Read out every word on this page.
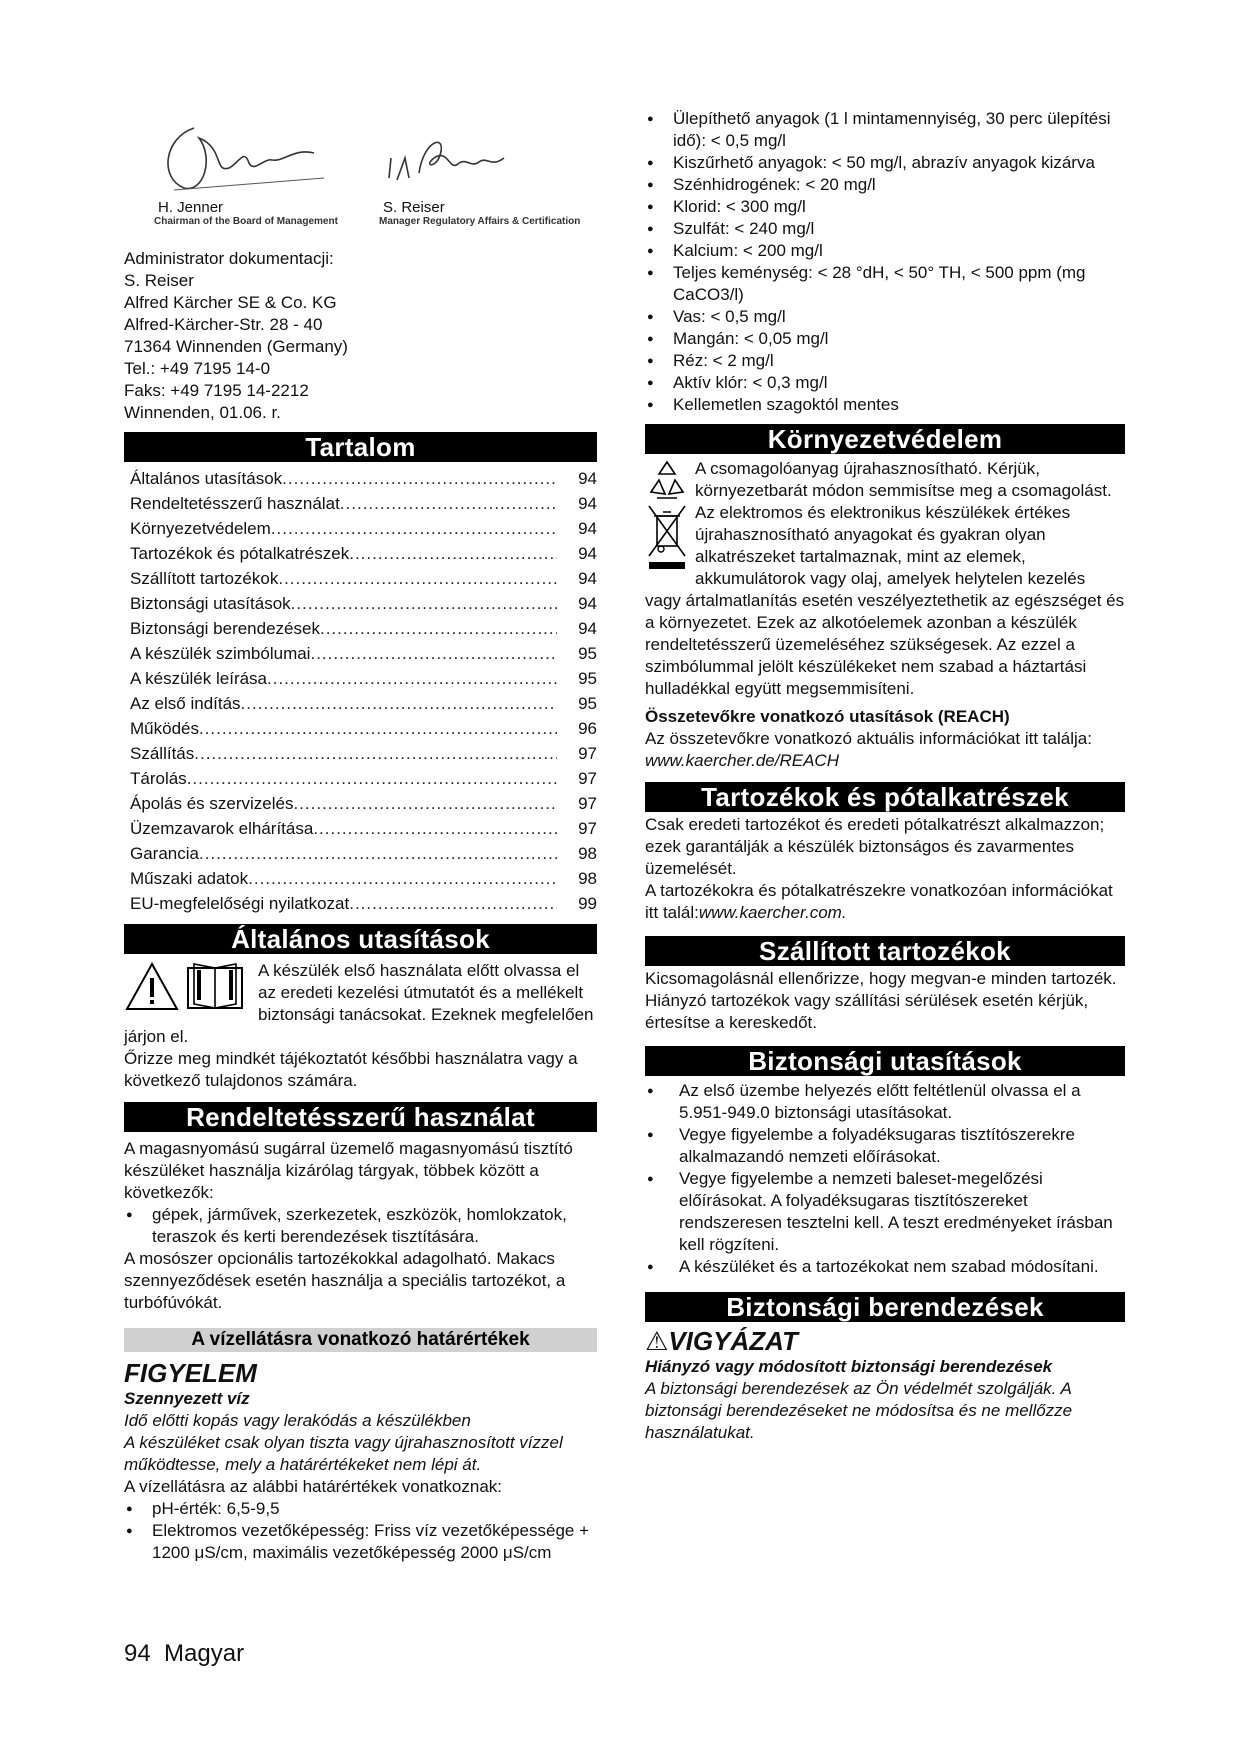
H. Jenner
Chairman of the Board of Management
S. Reiser
Manager Regulatory Affairs & Certification

Administrator dokumentacji:

S. Reiser

Alfred Kärcher SE & Co. KG

Alfred-Kärcher-Str. 28 - 40

71364 Winnenden (Germany)

Tel.: +49 7195 14-0

Faks: +49 7195 14-2212

Winnenden, 01.06. r.

Tartalom
Általános utasítások .....	94
Rendeltetésszerű használat .....	94
Környezetvédelem .....	94
Tartozékok és pótalkatrészek .....	94
Szállított tartozékok .....	94
Biztonsági utasítások .....	94
Biztonsági berendezések .....	94
A készülék szimbólumai .....	95
A készülék leírása .....	95
Az első indítás .....	95
Működés .....	96
Szállítás .....	97
Tárolás .....	97
Ápolás és szervizelés .....	97
Üzemzavarok elhárítása .....	97
Garancia .....	98
Műszaki adatok .....	98
EU-megfelelőségi nyilatkozat .....	99
Általános utasítások

A készülék első használata előtt olvassa el az eredeti kezelési útmutatót és a mellékelt biztonsági tanácsokat. Ezeknek megfelelően járjon el.

Őrizze meg mindkét tájékoztatót későbbi használatra vagy a következő tulajdonos számára.

Rendeltetésszerű használat

A magasnyomású sugárral üzemelő magasnyomású tisztító készüléket használja kizárólag tárgyak, többek között a következők:

● gépek, járművek, szerkezetek, eszközök, homlokzatok, teraszok és kerti berendezések tisztítására.

A mosószer opcionális tartozékokkal adagolható. Makacs szennyeződések esetén használja a speciális tartozékot, a turbófúvókát.

A vízellátásra vonatkozó határértékek
FIGYELEM

Szennyezett víz

Idő előtti kopás vagy lerakódás a készülékben

A készüléket csak olyan tiszta vagy újrahasznosított vízzel működtesse, mely a határértékeket nem lépi át.

A vízellátásra az alábbi határértékek vonatkoznak:

● pH-érték: 6,5-9,5
● Elektromos vezetőképesség: Friss víz vezetőképessége + 1200 μS/cm, maximális vezetőképesség 2000 μS/cm
● Ülepíthető anyagok (1 l mintamennyiség, 30 perc ülepítési idő): < 0,5 mg/l
● Kiszűrhető anyagok: < 50 mg/l, abrazív anyagok kizárva
● Szénhidrogének: < 20 mg/l
● Klorid: < 300 mg/l
● Szulfát: < 240 mg/l
● Kalcium: < 200 mg/l
● Teljes keménység: < 28 °dH, < 50° TH, < 500 ppm (mg CaCO3/l)
● Vas: < 0,5 mg/l
● Mangán: < 0,05 mg/l
● Réz: < 2 mg/l
● Aktív klór: < 0,3 mg/l
● Kellemetlen szagoktól mentes
Környezetvédelem

A csomagolóanyag újrahasznosítható. Kérjük, környezetbarát módon semmisítse meg a csomagolást.

Az elektromos és elektronikus készülékek értékes újrahasznosítható anyagokat és gyakran olyan alkatrészeket tartalmaznak, mint az elemek, akkumulátorok vagy olaj, amelyek helytelen kezelés vagy ártalmatlanítás esetén veszélyeztethetik az egészséget és a környezetet. Ezek az alkotóelemek azonban a készülék rendeltetésszerű üzemeléséhez szükségesek. Az ezzel a szimbólummal jelölt készülékeket nem szabad a háztartási hulladékkal együtt megsemmisíteni.

Összetevőkre vonatkozó utasítások (REACH)

Az összetevőkre vonatkozó aktuális információkat itt találja: www.kaercher.de/REACH

Tartozékok és pótalkatrészek

Csak eredeti tartozékot és eredeti pótalkatrészt alkalmazzon; ezek garantálják a készülék biztonságos és zavarmentes üzemelését.

A tartozékokra és pótalkatrészekre vonatkozóan információkat itt talál:www.kaercher.com.

Szállított tartozékok

Kicsomagolásnál ellenőrizze, hogy megvan-e minden tartozék. Hiányzó tartozékok vagy szállítási sérülések esetén kérjük, értesítse a kereskedőt.

Biztonsági utasítások
● Az első üzembe helyezés előtt feltétlenül olvassa el a 5.951-949.0 biztonsági utasításokat.
● Vegye figyelembe a folyadéksugaras tisztítószerekre alkalmazandó nemzeti előírásokat.
● Vegye figyelembe a nemzeti baleset-megelőzési előírásokat. A folyadéksugaras tisztítószereket rendszeresen tesztelni kell. A teszt eredményeket írásban kell rögzíteni.
● A készüléket és a tartozékokat nem szabad módosítani.
Biztonsági berendezések
⚠VIGYÁZAT

Hiányzó vagy módosított biztonsági berendezések

A biztonsági berendezések az Ön védelmét szolgálják. A biztonsági berendezéseket ne módosítsa és ne mellőzze használatukat.

94 Magyar
